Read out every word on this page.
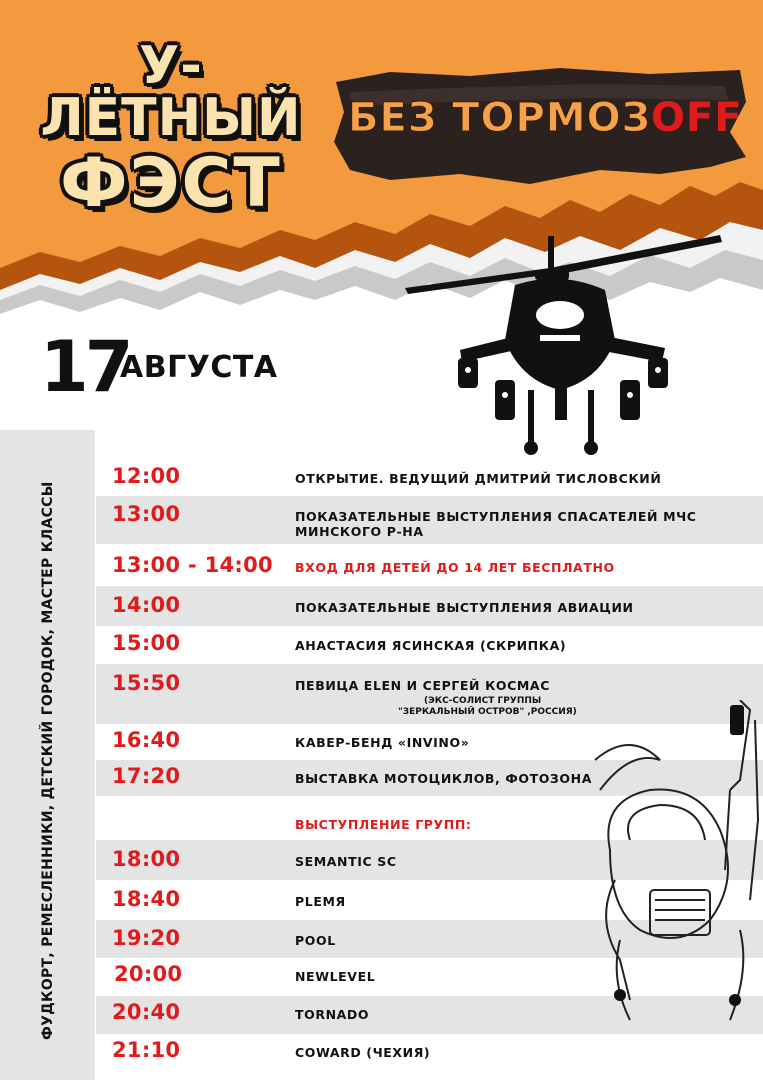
У-ЛЁТНЫЙ
ФЭСТ
БЕЗ ТОРМОЗOFF
17
АВГУСТА
ФУДКОРТ, РЕМЕСЛЕННИКИ, ДЕТСКИЙ ГОРОДОК, МАСТЕР КЛАССЫ
12:00	ОТКРЫТИЕ. ВЕДУЩИЙ ДМИТРИЙ ТИСЛОВСКИЙ
13:00	ПОКАЗАТЕЛЬНЫЕ ВЫСТУПЛЕНИЯ СПАСАТЕЛЕЙ МЧС
МИНСКОГО Р-НА
13:00 - 14:00 ВХОД ДЛЯ ДЕТЕЙ ДО 14 ЛЕТ БЕСПЛАТНО
14:00	ПОКАЗАТЕЛЬНЫЕ ВЫСТУПЛЕНИЯ АВИАЦИИ
15:00	АНАСТАСИЯ ЯСИНСКАЯ (СКРИПКА)
15:50	ПЕВИЦА ELEN И СЕРГЕЙ КОСМАС
(ЭКС-СОЛИСТ ГРУППЫ
"ЗЕРКАЛЬНЫЙ ОСТРОВ" ,РОССИЯ)
16:40	КАВЕР-БЕНД «INVINO»
17:20	ВЫСТАВКА МОТОЦИКЛОВ, ФОТОЗОНА
ВЫСТУПЛЕНИЕ ГРУПП:
18:00	SEMANTIC SC
18:40	PLEMЯ
19:20	POOL
20:00	NEWLEVEL
20:40	TORNADO
21:10	COWARD (ЧЕХИЯ)
